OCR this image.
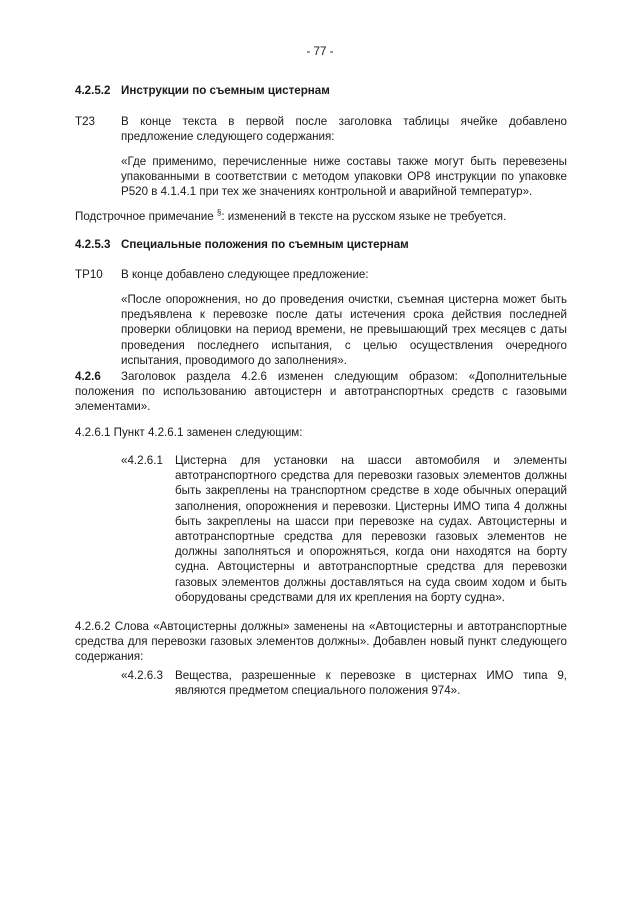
- 77 -
4.2.5.2 Инструкции по съемным цистернам
T23 В конце текста в первой после заголовка таблицы ячейке добавлено предложение следующего содержания:
«Где применимо, перечисленные ниже составы также могут быть перевезены упакованными в соответствии с методом упаковки OP8 инструкции по упаковке P520 в 4.1.4.1 при тех же значениях контрольной и аварийной температур».
Подстрочное примечание §: изменений в тексте на русском языке не требуется.
4.2.5.3 Специальные положения по съемным цистернам
TP10 В конце добавлено следующее предложение:
«После опорожнения, но до проведения очистки, съемная цистерна может быть предъявлена к перевозке после даты истечения срока действия последней проверки облицовки на период времени, не превышающий трех месяцев с даты проведения последнего испытания, с целью осуществления очередного испытания, проводимого до заполнения».
4.2.6 Заголовок раздела 4.2.6 изменен следующим образом: «Дополнительные положения по использованию автоцистерн и автотранспортных средств с газовыми элементами».
4.2.6.1 Пункт 4.2.6.1 заменен следующим:
«4.2.6.1 Цистерна для установки на шасси автомобиля и элементы автотранспортного средства для перевозки газовых элементов должны быть закреплены на транспортном средстве в ходе обычных операций заполнения, опорожнения и перевозки. Цистерны ИМО типа 4 должны быть закреплены на шасси при перевозке на судах. Автоцистерны и автотранспортные средства для перевозки газовых элементов не должны заполняться и опорожняться, когда они находятся на борту судна. Автоцистерны и автотранспортные средства для перевозки газовых элементов должны доставляться на суда своим ходом и быть оборудованы средствами для их крепления на борту судна».
4.2.6.2 Слова «Автоцистерны должны» заменены на «Автоцистерны и автотранспортные средства для перевозки газовых элементов должны». Добавлен новый пункт следующего содержания:
«4.2.6.3 Вещества, разрешенные к перевозке в цистернах ИМО типа 9, являются предметом специального положения 974».
